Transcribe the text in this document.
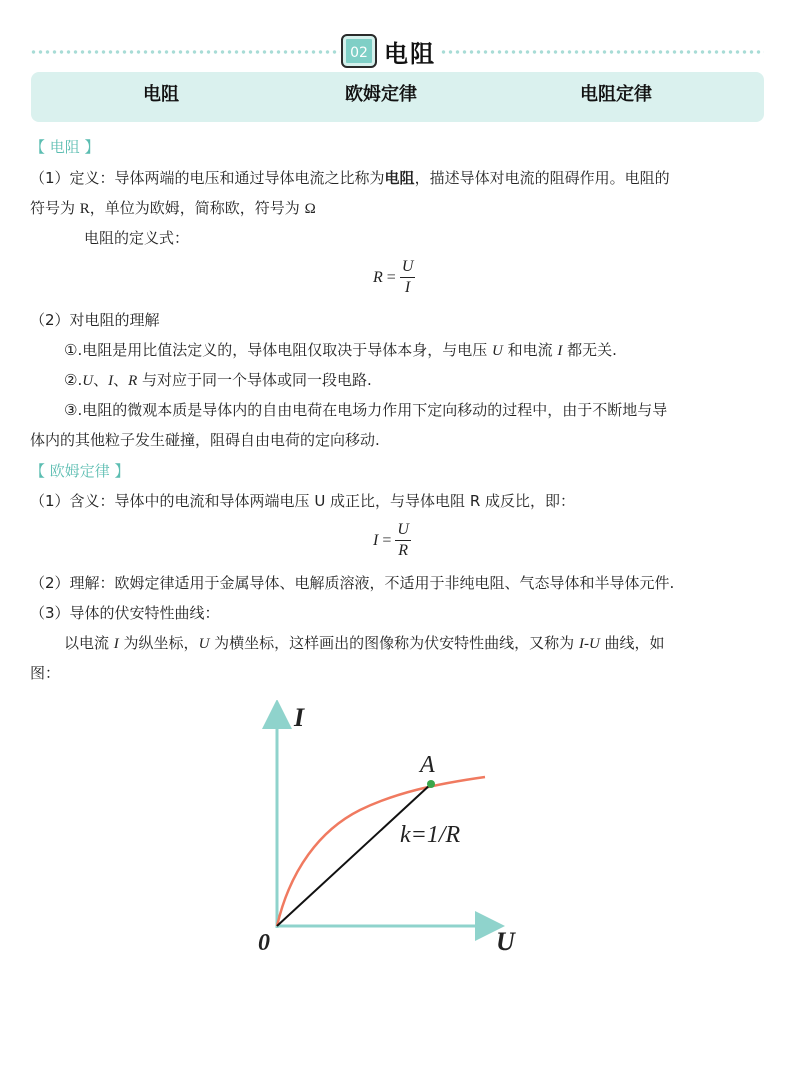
02 电阻
电阻	欧姆定律	电阻定律
【 电阻 】
（1）定义：导体两端的电压和通过导体电流之比称为电阻，描述导体对电流的阻碍作用。电阻的
符号为 R，单位为欧姆，简称欧，符号为 Ω
电阻的定义式：
$R = \frac{U}{I}$
（2）对电阻的理解
①.电阻是用比值法定义的，导体电阻仅取决于导体本身，与电压 U 和电流 I 都无关.
②.U、I、R 与对应于同一个导体或同一段电路.
③.电阻的微观本质是导体内的自由电荷在电场力作用下定向移动的过程中，由于不断地与导
体内的其他粒子发生碰撞，阻碍自由电荷的定向移动.
【 欧姆定律 】
（1）含义：导体中的电流和导体两端电压 U 成正比，与导体电阻 R 成反比，即：
$I = \frac{U}{R}$
（2）理解：欧姆定律适用于金属导体、电解质溶液，不适用于非纯电阻、气态导体和半导体元件.
（3）导体的伏安特性曲线：
以电流 I 为纵坐标，U 为横坐标，这样画出的图像称为伏安特性曲线，又称为 I-U 曲线，如
图：
I
U
0
A
k=1/R
